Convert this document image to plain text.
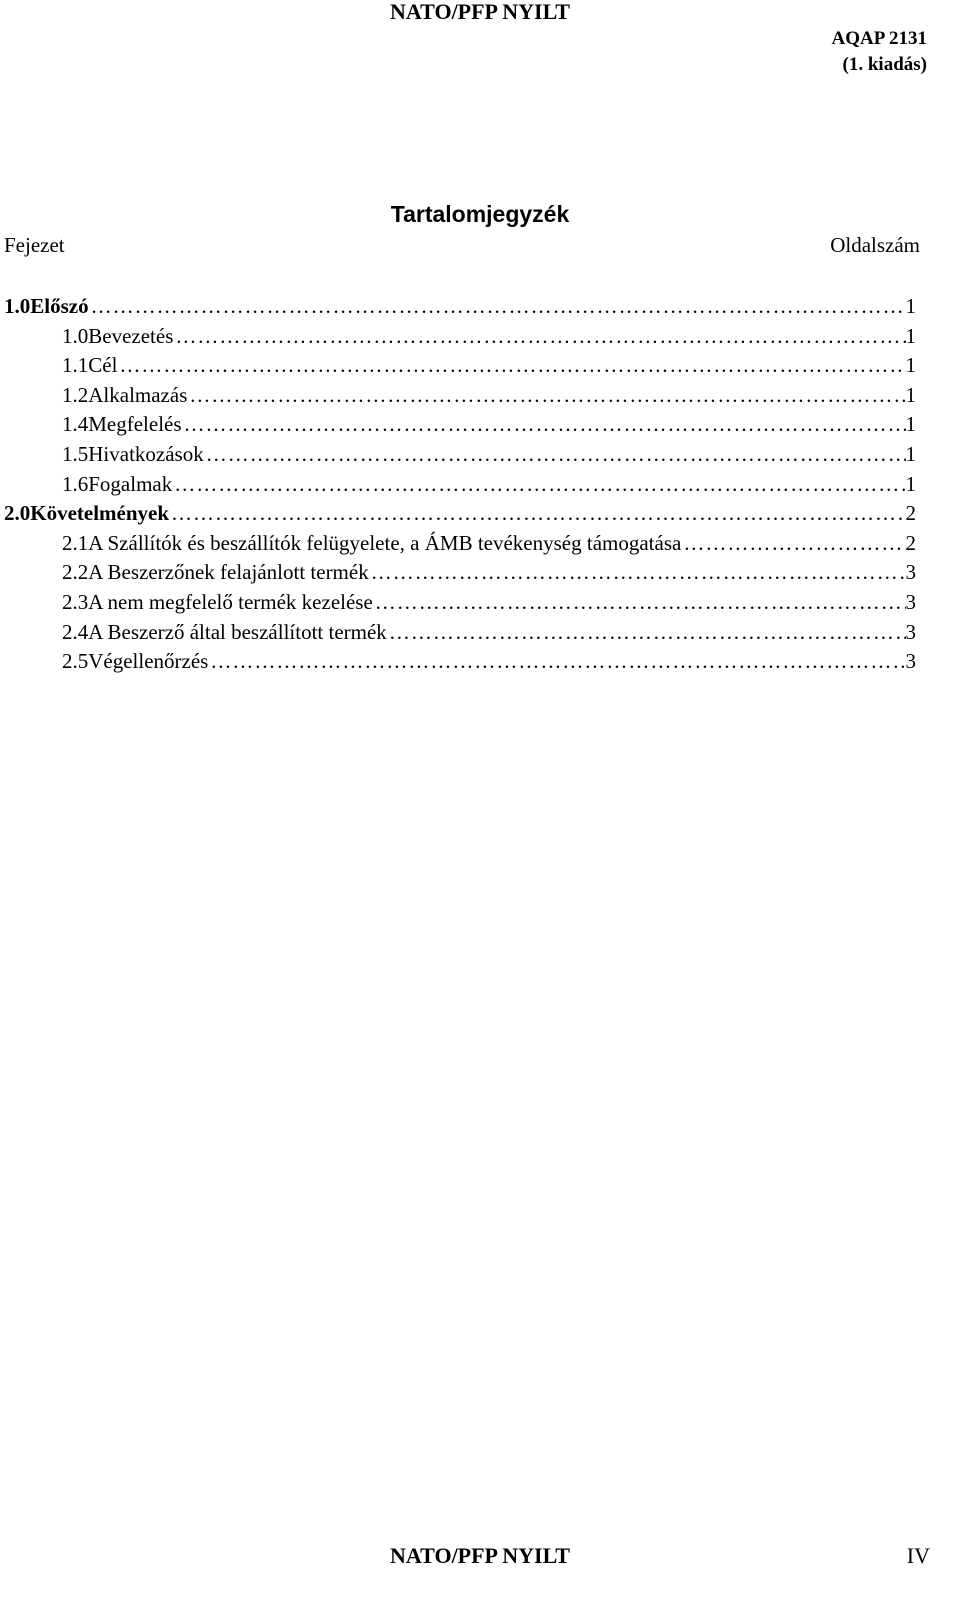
NATO/PFP NYILT
AQAP 2131
(1. kiadás)
Tartalomjegyzék
Fejezet	Oldalszám
1.0 Előszó …………………………………………………………………………………………………………………………………………………………………………………………………………	1
1.0 Bevezetés …………………………………………………………………………………………………………………………………………………………………………………………………………	1
1.1 Cél …………………………………………………………………………………………………………………………………………………………………………………………………………	1
1.2 Alkalmazás …………………………………………………………………………………………………………………………………………………………………………………………………………	1
1.4 Megfelelés …………………………………………………………………………………………………………………………………………………………………………………………………………	1
1.5 Hivatkozások …………………………………………………………………………………………………………………………………………………………………………………………………………	1
1.6 Fogalmak …………………………………………………………………………………………………………………………………………………………………………………………………………	1
2.0 Követelmények …………………………………………………………………………………………………………………………………………………………………………………………………………	2
2.1 A Szállítók és beszállítók felügyelete, a ÁMB tevékenység támogatása …………………………………………………………………………………………………………………………………………………………………………………………………………	2
2.2 A Beszerzőnek felajánlott termék …………………………………………………………………………………………………………………………………………………………………………………………………………	3
2.3 A nem megfelelő termék kezelése …………………………………………………………………………………………………………………………………………………………………………………………………………	3
2.4 A Beszerző által beszállított termék …………………………………………………………………………………………………………………………………………………………………………………………………………	3
2.5 Végellenőrzés …………………………………………………………………………………………………………………………………………………………………………………………………………	3
NATO/PFP NYILT	IV
